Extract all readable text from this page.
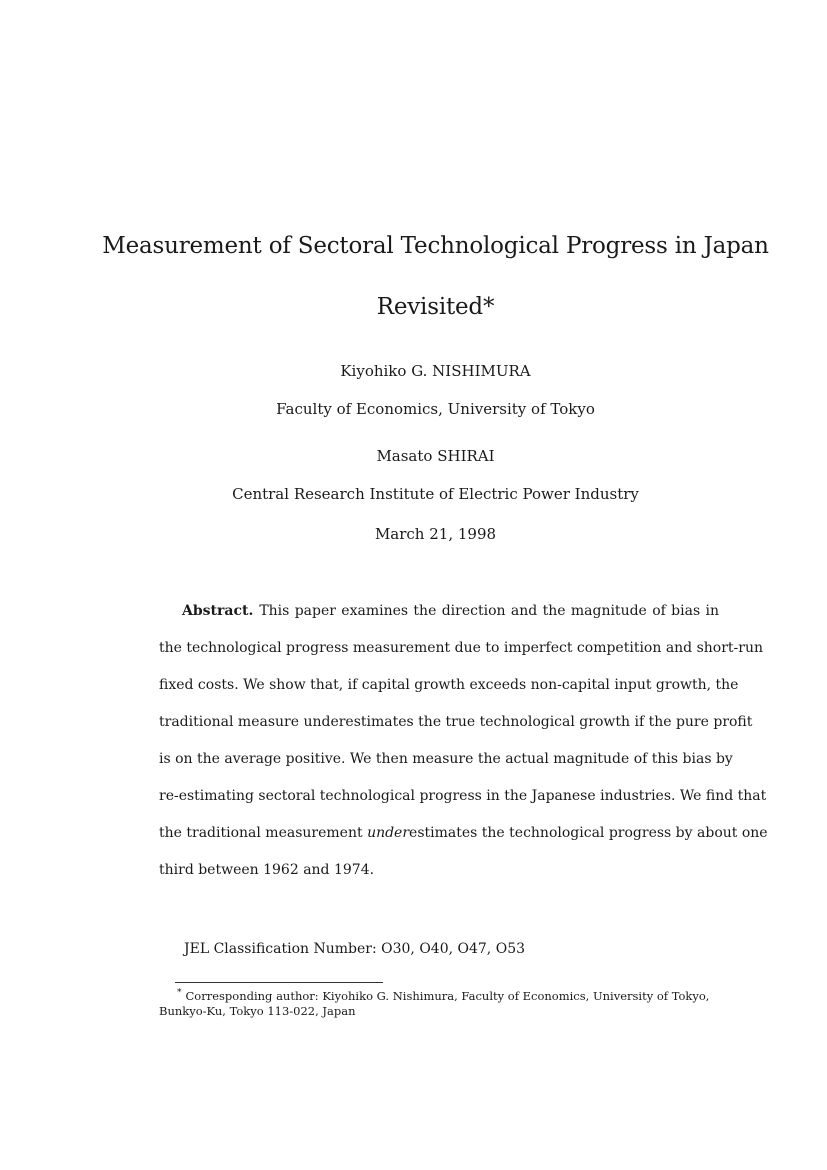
Measurement of Sectoral Technological Progress in Japan
Revisited*
Kiyohiko G. NISHIMURA
Faculty of Economics, University of Tokyo
Masato SHIRAI
Central Research Institute of Electric Power Industry
March 21, 1998
Abstract. This paper examines the direction and the magnitude of bias in
the technological progress measurement due to imperfect competition and short-run
fixed costs. We show that, if capital growth exceeds non-capital input growth, the
traditional measure underestimates the true technological growth if the pure profit
is on the average positive. We then measure the actual magnitude of this bias by
re-estimating sectoral technological progress in the Japanese industries. We find that
the traditional measurement underestimates the technological progress by about one
third between 1962 and 1974.
JEL Classification Number: O30, O40, O47, O53
* Corresponding author: Kiyohiko G. Nishimura, Faculty of Economics, University of Tokyo,
Bunkyo-Ku, Tokyo 113-022, Japan
